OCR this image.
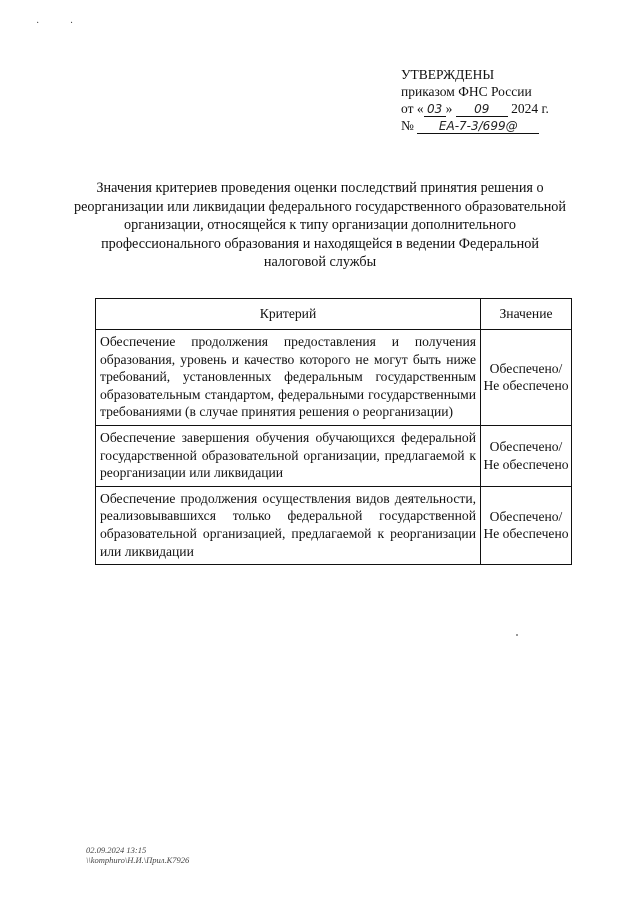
· ·
УТВЕРЖДЕНЫ
приказом ФНС России
от « 03 » 09 2024 г.
№ ЕА-7-3/699@
Значения критериев проведения оценки последствий принятия решения о реорганизации или ликвидации федерального государственного образовательной организации, относящейся к типу организации дополнительного профессионального образования и находящейся в ведении Федеральной налоговой службы
Критерий	Значение
Обеспечение продолжения предоставления и получения образования, уровень и качество которого не могут быть ниже требований, установленных федеральным государственным образовательным стандартом, федеральными государственными требованиями (в случае принятия решения о реорганизации)	Обеспечено/ Не обеспечено
Обеспечение завершения обучения обучающихся федеральной государственной образовательной организации, предлагаемой к реорганизации или ликвидации	Обеспечено/ Не обеспечено
Обеспечение продолжения осуществления видов деятельности, реализовывавшихся только федеральной государственной образовательной организацией, предлагаемой к реорганизации или ликвидации	Обеспечено/ Не обеспечено
02.09.2024 13:15
\\komphuro\Н.И.\Прил.К7926
